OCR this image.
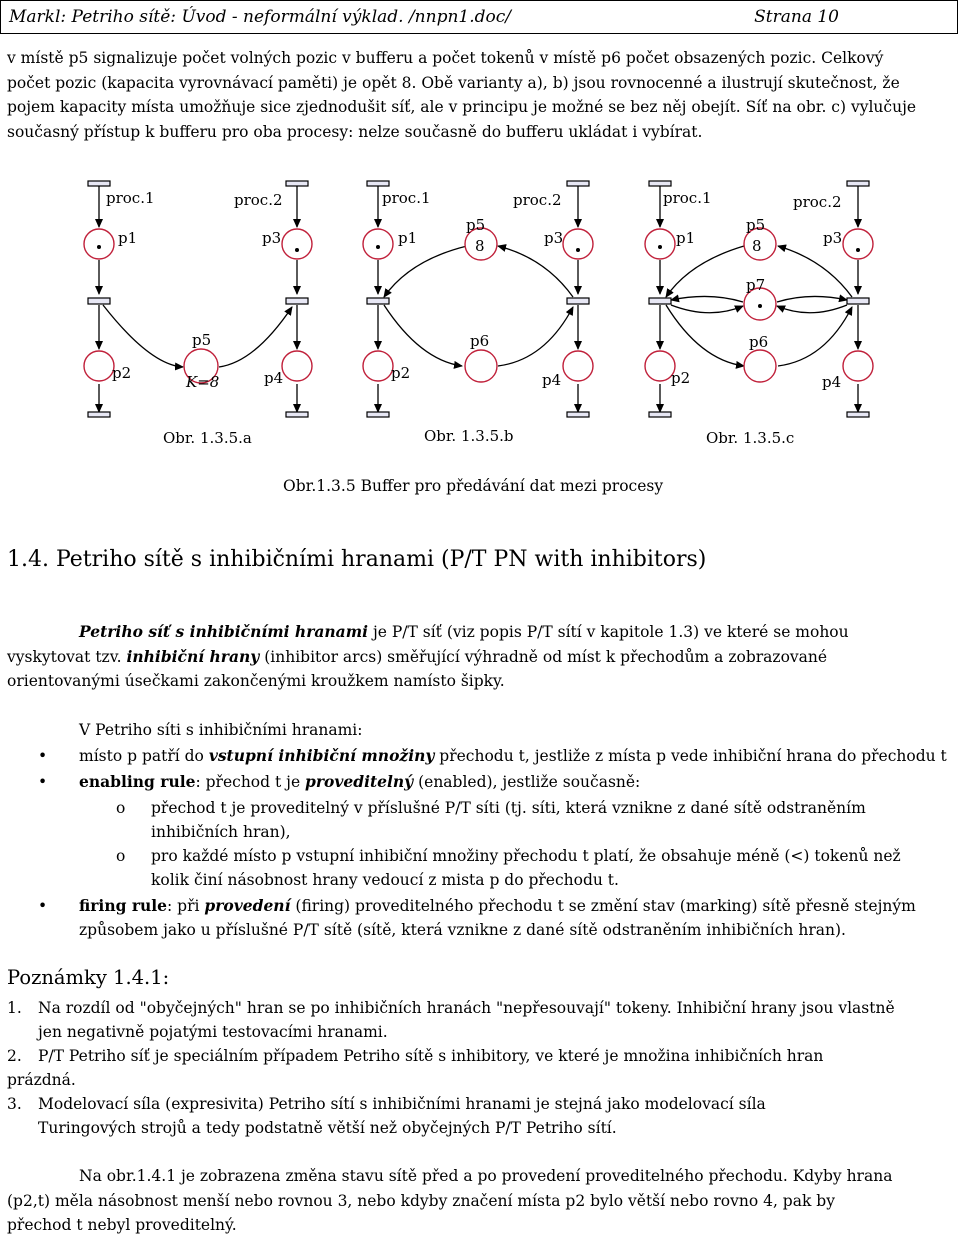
Markl: Petriho sítě: Úvod - neformální výklad. /nnpn1.doc/	Strana 10
v místě p5 signalizuje počet volných pozic v bufferu a počet tokenů v místě p6 počet obsazených pozic. Celkový
počet pozic (kapacita vyrovnávací paměti) je opět 8. Obě varianty a), b) jsou rovnocenné a ilustrují skutečnost, že
pojem kapacity místa umožňuje sice zjednodušit síť, ale v principu je možné se bez něj obejít. Síť na obr. c) vylučuje
současný přístup k bufferu pro oba procesy: nelze současně do bufferu ukládat i vybírat.
proc.1	proc.2
p1	p3
p5
p2	K=8	p4
proc.1	proc.2
p1
p5
8	p3
p6
p2	p4
proc.1	proc.2
p1
p5
8	p3
p7
p6
p2	p4
Obr. 1.3.5.a	Obr. 1.3.5.b	Obr. 1.3.5.c
Obr.1.3.5 Buffer pro předávání dat mezi procesy
1.4. Petriho sítě s inhibičními hranami (P/T PN with inhibitors)
Petriho síť s inhibičními hranami je P/T síť (viz popis P/T sítí v kapitole 1.3) ve které se mohou
vyskytovat tzv. inhibiční hrany (inhibitor arcs) směřující výhradně od míst k přechodům a zobrazované
orientovanými úsečkami zakončenými kroužkem namísto šipky.
V Petriho síti s inhibičními hranami:
• místo p patří do vstupní inhibiční množiny přechodu t, jestliže z místa p vede inhibiční hrana do přechodu t
• enabling rule: přechod t je proveditelný (enabled), jestliže současně:
o přechod t je proveditelný v příslušné P/T síti (tj. síti, která vznikne z dané sítě odstraněním
inhibičních hran),
o pro každé místo p vstupní inhibiční množiny přechodu t platí, že obsahuje méně (<) tokenů než
kolik činí násobnost hrany vedoucí z mista p do přechodu t.
• firing rule: při provedení (firing) proveditelného přechodu t se změní stav (marking) sítě přesně stejným
způsobem jako u příslušné P/T sítě (sítě, která vznikne z dané sítě odstraněním inhibičních hran).
Poznámky 1.4.1:
1. Na rozdíl od "obyčejných" hran se po inhibičních hranách "nepřesouvají" tokeny. Inhibiční hrany jsou vlastně
jen negativně pojatými testovacími hranami.
2. P/T Petriho síť je speciálním případem Petriho sítě s inhibitory, ve které je množina inhibičních hran
prázdná.
3. Modelovací síla (expresivita) Petriho sítí s inhibičními hranami je stejná jako modelovací síla
Turingových strojů a tedy podstatně větší než obyčejných P/T Petriho sítí.
Na obr.1.4.1 je zobrazena změna stavu sítě před a po provedení proveditelného přechodu. Kdyby hrana
(p2,t) měla násobnost menší nebo rovnou 3, nebo kdyby značení místa p2 bylo větší nebo rovno 4, pak by
přechod t nebyl proveditelný.
